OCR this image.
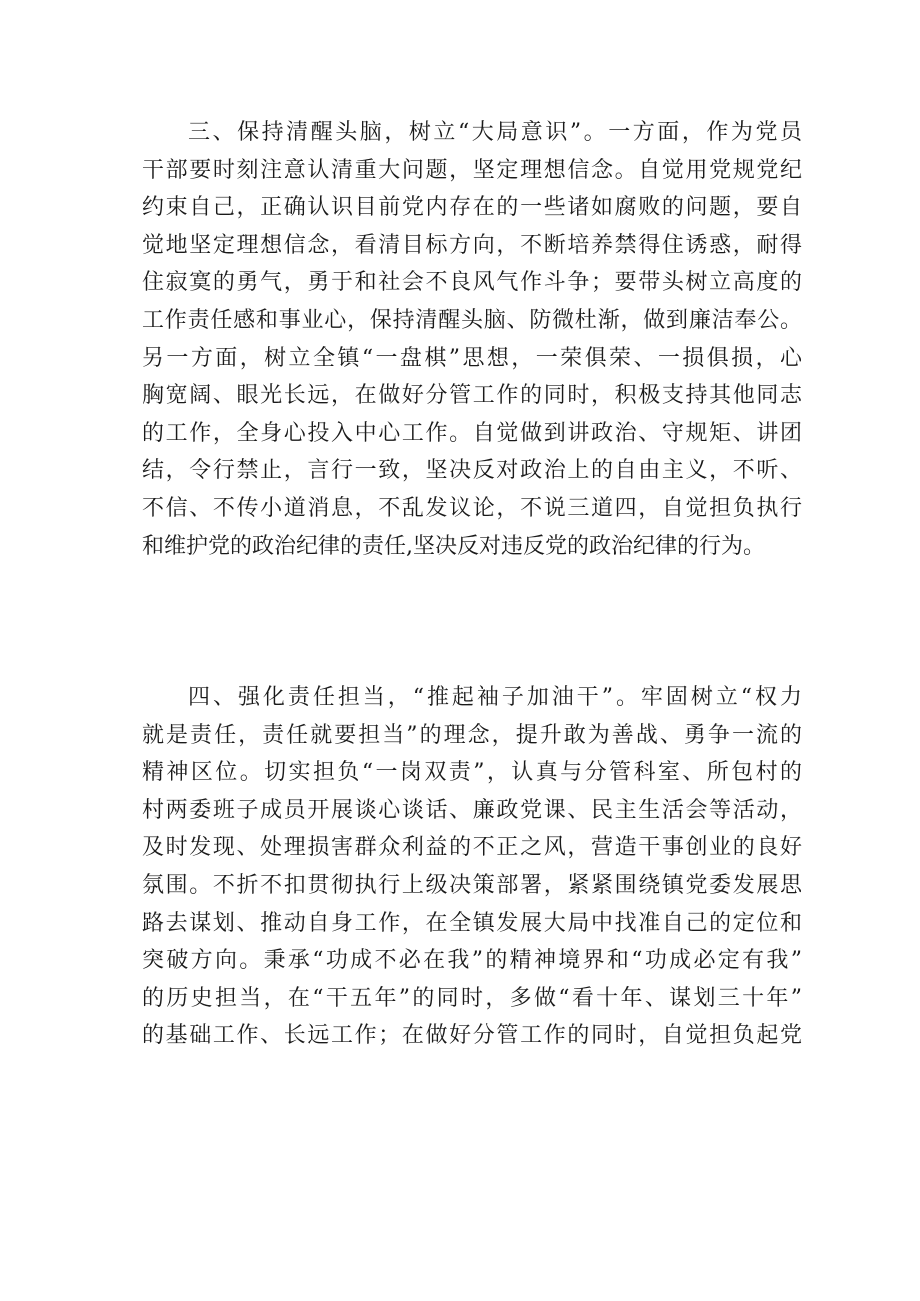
三、保持清醒头脑，树立“大局意识”。一方面，作为党员
干部要时刻注意认清重大问题，坚定理想信念。自觉用党规党纪
约束自己，正确认识目前党内存在的一些诸如腐败的问题，要自
觉地坚定理想信念，看清目标方向，不断培养禁得住诱惑，耐得
住寂寞的勇气，勇于和社会不良风气作斗争；要带头树立高度的
工作责任感和事业心，保持清醒头脑、防微杜渐，做到廉洁奉公。
另一方面，树立全镇“一盘棋”思想，一荣俱荣、一损俱损，心
胸宽阔、眼光长远，在做好分管工作的同时，积极支持其他同志
的工作，全身心投入中心工作。自觉做到讲政治、守规矩、讲团
结，令行禁止，言行一致，坚决反对政治上的自由主义，不听、
不信、不传小道消息，不乱发议论，不说三道四，自觉担负执行
和维护党的政治纪律的责任,坚决反对违反党的政治纪律的行为。
四、强化责任担当，“推起袖子加油干”。牢固树立“权力
就是责任，责任就要担当”的理念，提升敢为善战、勇争一流的
精神区位。切实担负“一岗双责”，认真与分管科室、所包村的
村两委班子成员开展谈心谈话、廉政党课、民主生活会等活动，
及时发现、处理损害群众利益的不正之风，营造干事创业的良好
氛围。不折不扣贯彻执行上级决策部署，紧紧围绕镇党委发展思
路去谋划、推动自身工作，在全镇发展大局中找准自己的定位和
突破方向。秉承“功成不必在我”的精神境界和“功成必定有我”
的历史担当，在“干五年”的同时，多做“看十年、谋划三十年”
的基础工作、长远工作；在做好分管工作的同时，自觉担负起党
